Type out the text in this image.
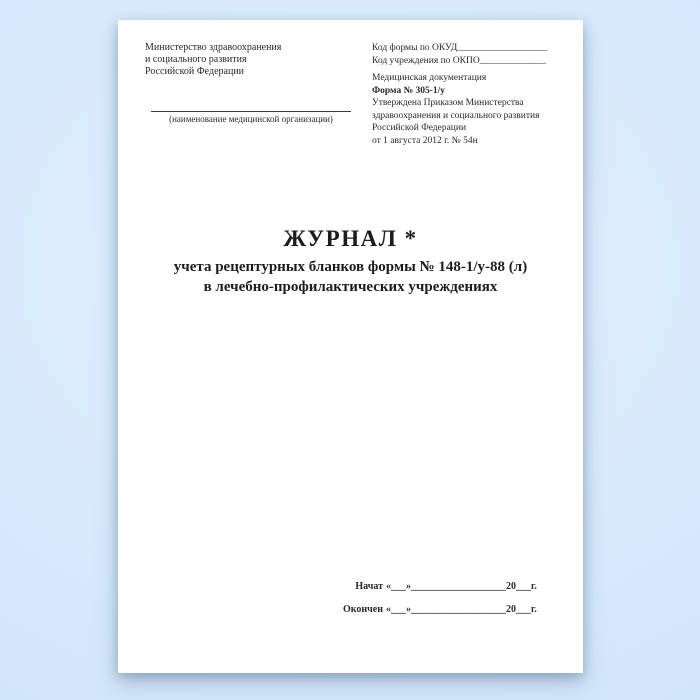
Министерство здравоохранения
и социального развития
Российской Федерации
(наименование медицинской организации)
Код формы по ОКУД___________________
Код учреждения по ОКПО______________
Медицинская документация
Форма № 305-1/у
Утверждена Приказом Министерства
здравоохранения и социального развития
Российской Федерации
от 1 августа 2012 г. № 54н
ЖУРНАЛ *
учета рецептурных бланков формы № 148-1/у-88 (л)
в лечебно-профилактических учреждениях
Начат «___»___________________20___г.
Окончен «___»___________________20___г.
